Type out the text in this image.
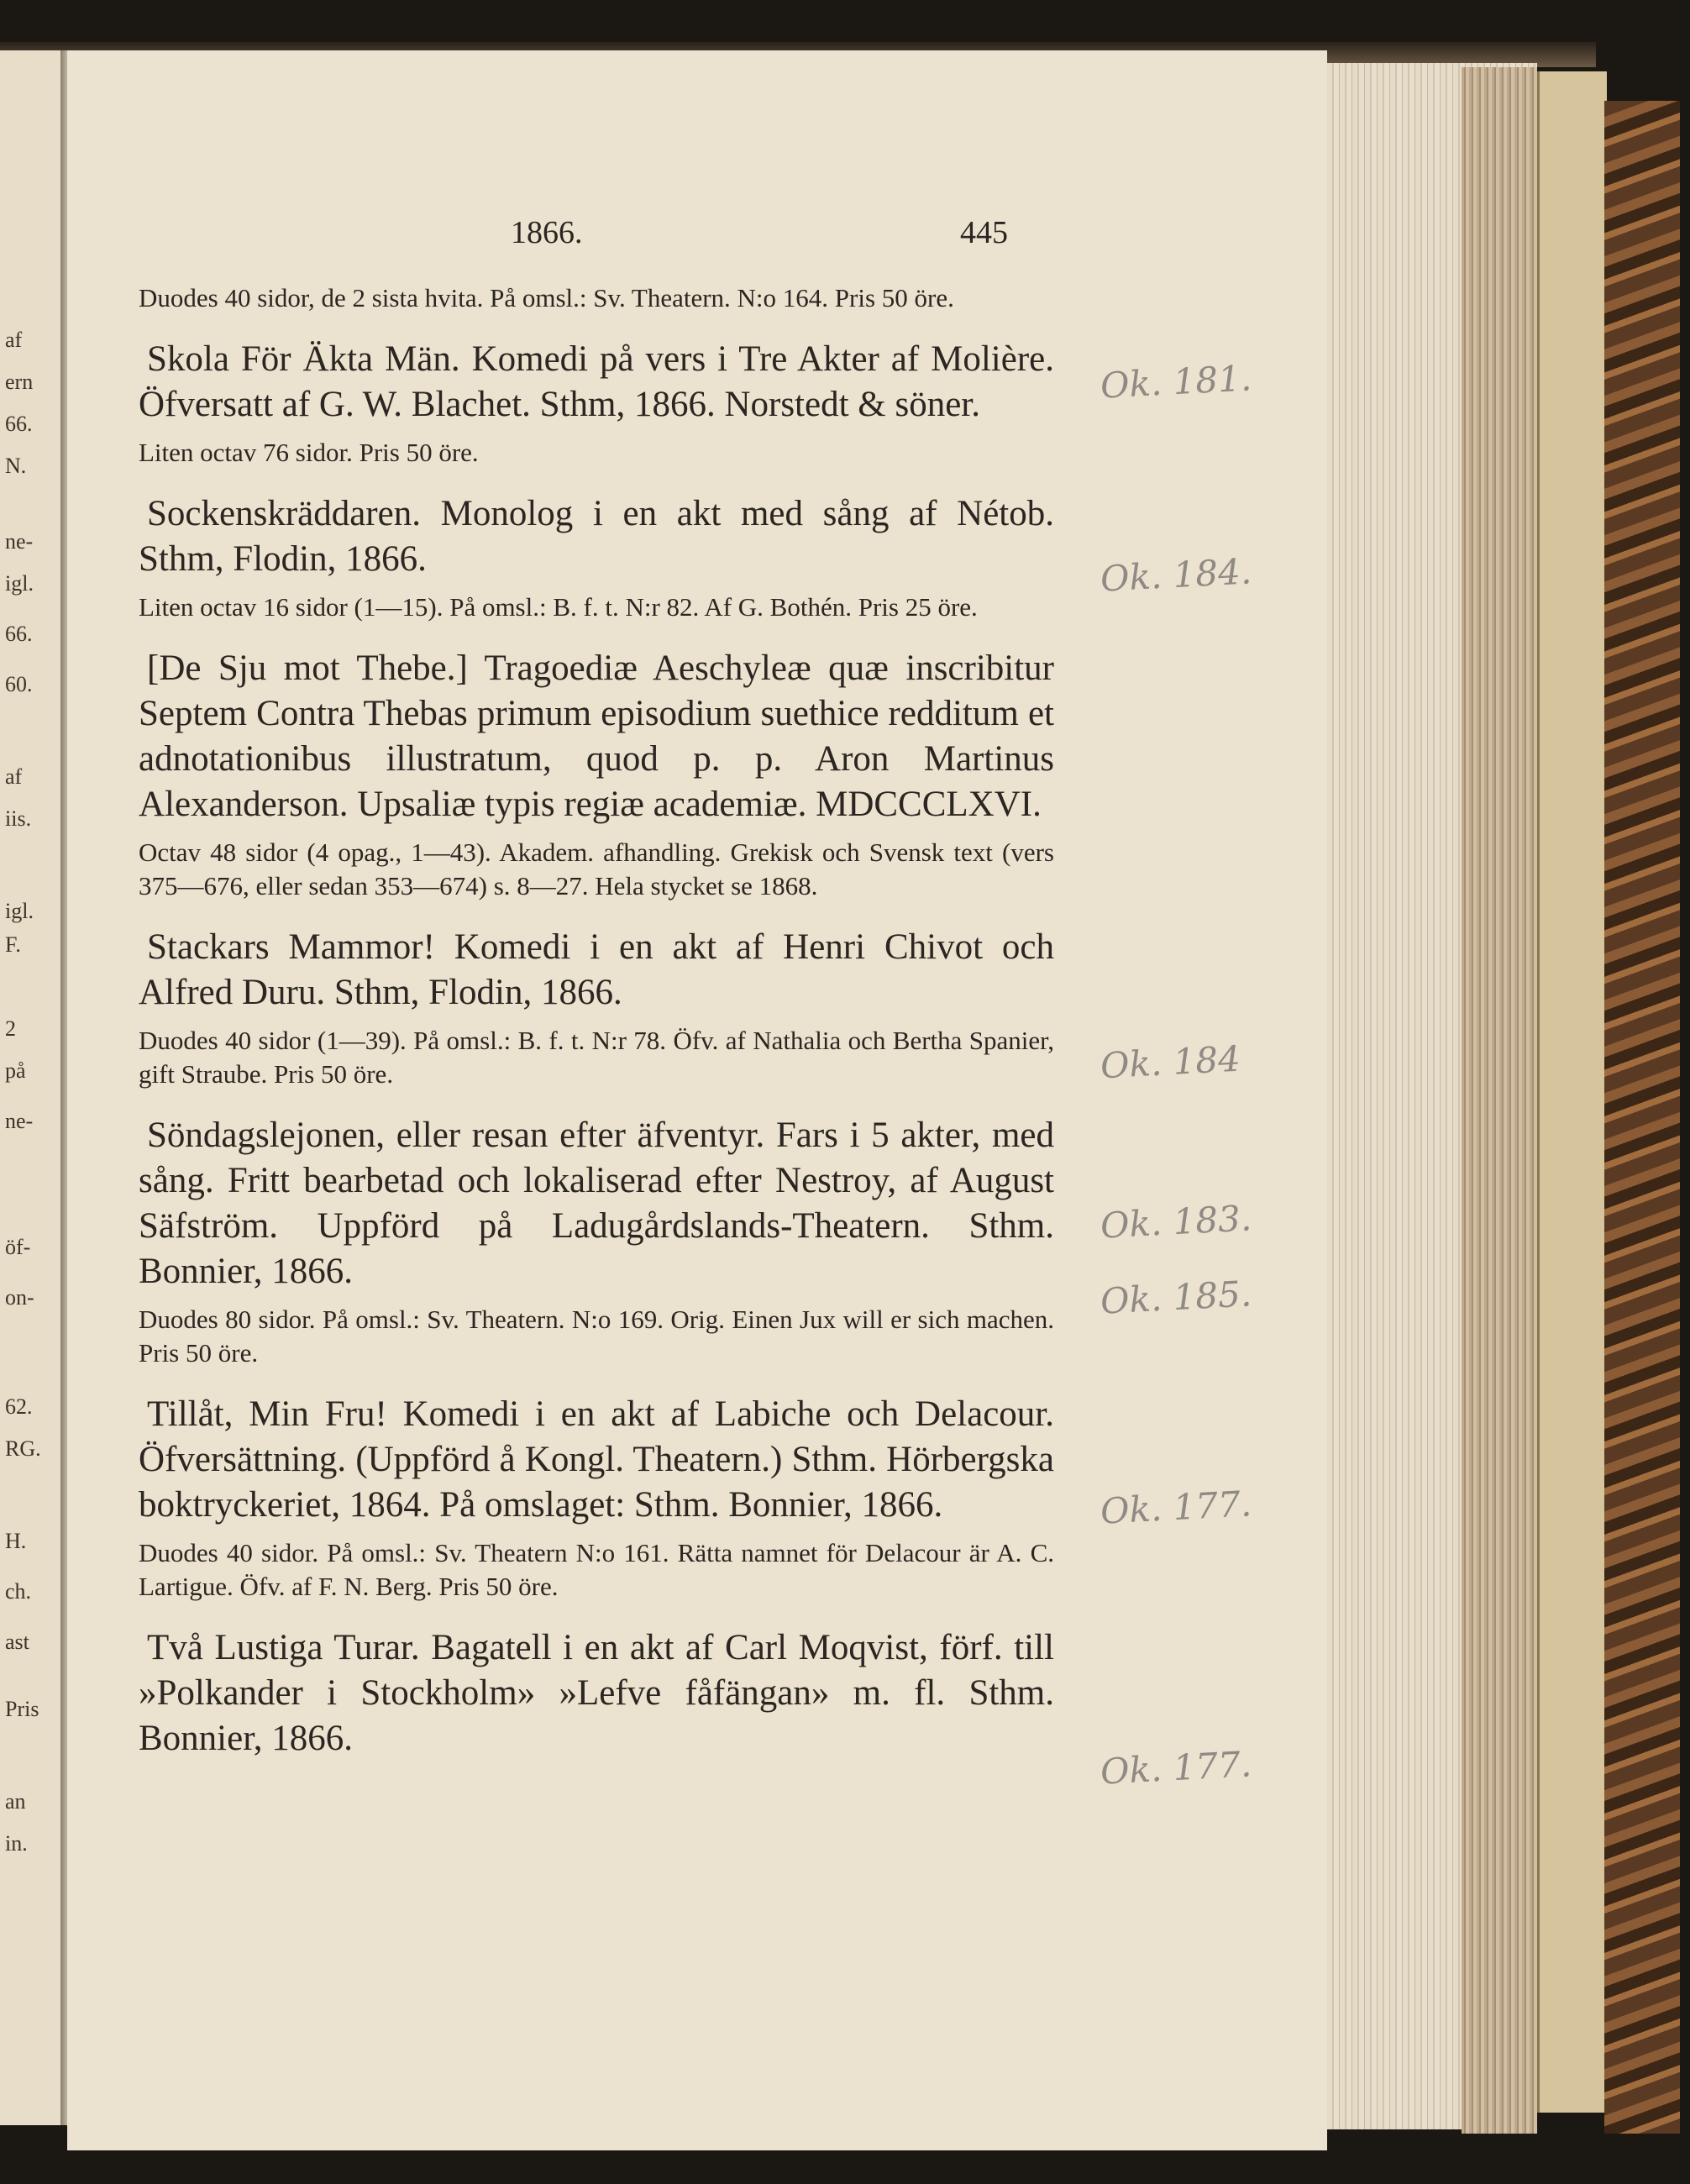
af
ern
66.
N.
ne-
igl.
66.
60.
af
iis.
igl.
F.
2
på
ne-
öf-
on-
62.
RG.
H.
ch.
ast
Pris
an
in.
1866.	445

Duodes 40 sidor, de 2 sista hvita. På omsl.: Sv. Theatern. N:o 164. Pris 50 öre.

Skola För Äkta Män. Komedi på vers i Tre Akter af Molière. Öfversatt af G. W. Blachet. Sthm, 1866. Norstedt & söner.

Liten octav 76 sidor. Pris 50 öre.

Sockenskräddaren. Monolog i en akt med sång af Nétob. Sthm, Flodin, 1866.

Liten octav 16 sidor (1—15). På omsl.: B. f. t. N:r 82. Af G. Bothén. Pris 25 öre.

[De Sju mot Thebe.] Tragoediæ Aeschyleæ quæ inscribitur Septem Contra Thebas primum episodium suethice redditum et adnotationibus illustratum, quod p. p. Aron Martinus Alexanderson. Upsaliæ typis regiæ academiæ. MDCCCLXVI.

Octav 48 sidor (4 opag., 1—43). Akadem. afhandling. Grekisk och Svensk text (vers 375—676, eller sedan 353—674) s. 8—27. Hela stycket se 1868.

Stackars Mammor! Komedi i en akt af Henri Chivot och Alfred Duru. Sthm, Flodin, 1866.

Duodes 40 sidor (1—39). På omsl.: B. f. t. N:r 78. Öfv. af Nathalia och Bertha Spanier, gift Straube. Pris 50 öre.

Söndagslejonen, eller resan efter äfventyr. Fars i 5 akter, med sång. Fritt bearbetad och lokaliserad efter Nestroy, af August Säfström. Uppförd på Ladugårdslands-Theatern. Sthm. Bonnier, 1866.

Duodes 80 sidor. På omsl.: Sv. Theatern. N:o 169. Orig. Einen Jux will er sich machen. Pris 50 öre.

Tillåt, Min Fru! Komedi i en akt af Labiche och Delacour. Öfversättning. (Uppförd å Kongl. Theatern.) Sthm. Hörbergska boktryckeriet, 1864. På omslaget: Sthm. Bonnier, 1866.

Duodes 40 sidor. På omsl.: Sv. Theatern N:o 161. Rätta namnet för Delacour är A. C. Lartigue. Öfv. af F. N. Berg. Pris 50 öre.

Två Lustiga Turar. Bagatell i en akt af Carl Moqvist, förf. till »Polkander i Stockholm» »Lefve fåfängan» m. fl. Sthm. Bonnier, 1866.

Ok. 181.
Ok. 184.
Ok. 184
Ok. 183.
Ok. 185.
Ok. 177.
Ok. 177.
